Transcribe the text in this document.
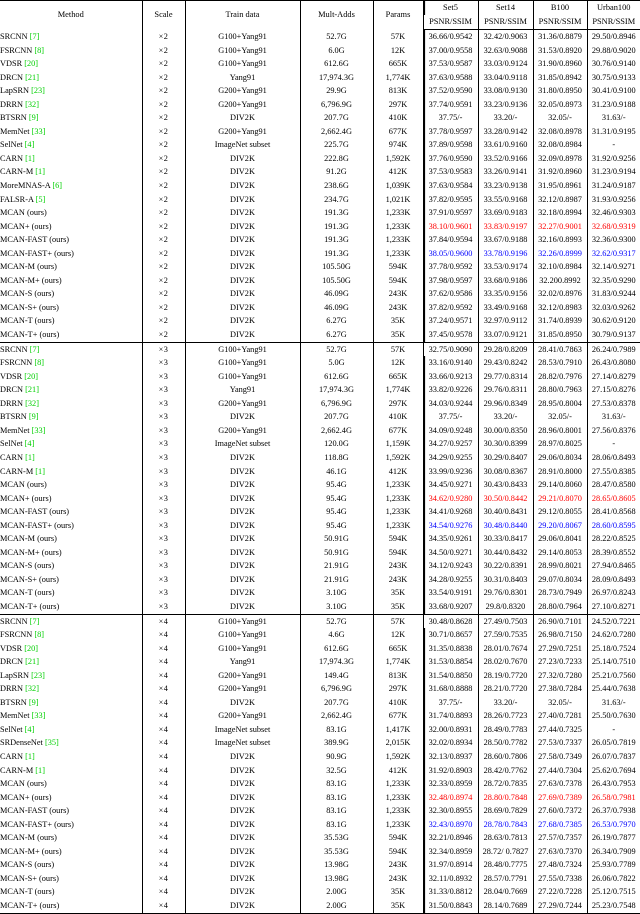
Method	Scale	Train data	Mult-Adds	Params	Set5	Set14	B100	Urban100
					PSNR/SSIM	PSNR/SSIM	PSNR/SSIM	PSNR/SSIM
SRCNN [7]	×2	G100+Yang91	52.7G	57K	36.66/0.9542	32.42/0.9063	31.36/0.8879	29.50/0.8946
FSRCNN [8]	×2	G100+Yang91	6.0G	12K	37.00/0.9558	32.63/0.9088	31.53/0.8920	29.88/0.9020
VDSR [20]	×2	G100+Yang91	612.6G	665K	37.53/0.9587	33.03/0.9124	31.90/0.8960	30.76/0.9140
DRCN [21]	×2	Yang91	17,974.3G	1,774K	37.63/0.9588	33.04/0.9118	31.85/0.8942	30.75/0.9133
LapSRN [23]	×2	G200+Yang91	29.9G	813K	37.52/0.9590	33.08/0.9130	31.80/0.8950	30.41/0.9100
DRRN [32]	×2	G200+Yang91	6,796.9G	297K	37.74/0.9591	33.23/0.9136	32.05/0.8973	31.23/0.9188
BTSRN [9]	×2	DIV2K	207.7G	410K	37.75/-	33.20/-	32.05/-	31.63/-
MemNet [33]	×2	G200+Yang91	2,662.4G	677K	37.78/0.9597	33.28/0.9142	32.08/0.8978	31.31/0.9195
SelNet [4]	×2	ImageNet subset	225.7G	974K	37.89/0.9598	33.61/0.9160	32.08/0.8984	-
CARN [1]	×2	DIV2K	222.8G	1,592K	37.76/0.9590	33.52/0.9166	32.09/0.8978	31.92/0.9256
CARN-M [1]	×2	DIV2K	91.2G	412K	37.53/0.9583	33.26/0.9141	31.92/0.8960	31.23/0.9194
MoreMNAS-A [6]	×2	DIV2K	238.6G	1,039K	37.63/0.9584	33.23/0.9138	31.95/0.8961	31.24/0.9187
FALSR-A [5]	×2	DIV2K	234.7G	1,021K	37.82/0.9595	33.55/0.9168	32.12/0.8987	31.93/0.9256
MCAN (ours)	×2	DIV2K	191.3G	1,233K	37.91/0.9597	33.69/0.9183	32.18/0.8994	32.46/0.9303
MCAN+ (ours)	×2	DIV2K	191.3G	1,233K	38.10/0.9601	33.83/0.9197	32.27/0.9001	32.68/0.9319
MCAN-FAST (ours)	×2	DIV2K	191.3G	1,233K	37.84/0.9594	33.67/0.9188	32.16/0.8993	32.36/0.9300
MCAN-FAST+ (ours)	×2	DIV2K	191.3G	1,233K	38.05/0.9600	33.78/0.9196	32.26/0.8999	32.62/0.9317
MCAN-M (ours)	×2	DIV2K	105.50G	594K	37.78/0.9592	33.53/0.9174	32.10/0.8984	32.14/0.9271
MCAN-M+ (ours)	×2	DIV2K	105.50G	594K	37.98/0.9597	33.68/0.9186	32.200.8992	32.35/0.9290
MCAN-S (ours)	×2	DIV2K	46.09G	243K	37.62/0.9586	33.35/0.9156	32.02/0.8976	31.83/0.9244
MCAN-S+ (ours)	×2	DIV2K	46.09G	243K	37.82/0.9592	33.49/0.9168	32.12/0.8983	32.03/0.9262
MCAN-T (ours)	×2	DIV2K	6.27G	35K	37.24/0.9571	32.97/0.9112	31.74/0.8939	30.62/0.9120
MCAN-T+ (ours)	×2	DIV2K	6.27G	35K	37.45/0.9578	33.07/0.9121	31.85/0.8950	30.79/0.9137
SRCNN [7]	×3	G100+Yang91	52.7G	57K	32.75/0.9090	29.28/0.8209	28.41/0.7863	26.24/0.7989
FSRCNN [8]	×3	G100+Yang91	5.0G	12K	33.16/0.9140	29.43/0.8242	28.53/0.7910	26.43/0.8080
VDSR [20]	×3	G100+Yang91	612.6G	665K	33.66/0.9213	29.77/0.8314	28.82/0.7976	27.14/0.8279
DRCN [21]	×3	Yang91	17,974.3G	1,774K	33.82/0.9226	29.76/0.8311	28.80/0.7963	27.15/0.8276
DRRN [32]	×3	G200+Yang91	6,796.9G	297K	34.03/0.9244	29.96/0.8349	28.95/0.8004	27.53/0.8378
BTSRN [9]	×3	DIV2K	207.7G	410K	37.75/-	33.20/-	32.05/-	31.63/-
MemNet [33]	×3	G200+Yang91	2,662.4G	677K	34.09/0.9248	30.00/0.8350	28.96/0.8001	27.56/0.8376
SelNet [4]	×3	ImageNet subset	120.0G	1,159K	34.27/0.9257	30.30/0.8399	28.97/0.8025	-
CARN [1]	×3	DIV2K	118.8G	1,592K	34.29/0.9255	30.29/0.8407	29.06/0.8034	28.06/0.8493
CARN-M [1]	×3	DIV2K	46.1G	412K	33.99/0.9236	30.08/0.8367	28.91/0.8000	27.55/0.8385
MCAN (ours)	×3	DIV2K	95.4G	1,233K	34.45/0.9271	30.43/0.8433	29.14/0.8060	28.47/0.8580
MCAN+ (ours)	×3	DIV2K	95.4G	1,233K	34.62/0.9280	30.50/0.8442	29.21/0.8070	28.65/0.8605
MCAN-FAST (ours)	×3	DIV2K	95.4G	1,233K	34.41/0.9268	30.40/0.8431	29.12/0.8055	28.41/0.8568
MCAN-FAST+ (ours)	×3	DIV2K	95.4G	1,233K	34.54/0.9276	30.48/0.8440	29.20/0.8067	28.60/0.8595
MCAN-M (ours)	×3	DIV2K	50.91G	594K	34.35/0.9261	30.33/0.8417	29.06/0.8041	28.22/0.8525
MCAN-M+ (ours)	×3	DIV2K	50.91G	594K	34.50/0.9271	30.44/0.8432	29.14/0.8053	28.39/0.8552
MCAN-S (ours)	×3	DIV2K	21.91G	243K	34.12/0.9243	30.22/0.8391	28.99/0.8021	27.94/0.8465
MCAN-S+ (ours)	×3	DIV2K	21.91G	243K	34.28/0.9255	30.31/0.8403	29.07/0.8034	28.09/0.8493
MCAN-T (ours)	×3	DIV2K	3.10G	35K	33.54/0.9191	29.76/0.8301	28.73/0.7949	26.97/0.8243
MCAN-T+ (ours)	×3	DIV2K	3.10G	35K	33.68/0.9207	29.8/0.8320	28.80/0.7964	27.10/0.8271
SRCNN [7]	×4	G100+Yang91	52.7G	57K	30.48/0.8628	27.49/0.7503	26.90/0.7101	24.52/0.7221
FSRCNN [8]	×4	G100+Yang91	4.6G	12K	30.71/0.8657	27.59/0.7535	26.98/0.7150	24.62/0.7280
VDSR [20]	×4	G100+Yang91	612.6G	665K	31.35/0.8838	28.01/0.7674	27.29/0.7251	25.18/0.7524
DRCN [21]	×4	Yang91	17,974.3G	1,774K	31.53/0.8854	28.02/0.7670	27.23/0.7233	25.14/0.7510
LapSRN [23]	×4	G200+Yang91	149.4G	813K	31.54/0.8850	28.19/0.7720	27.32/0.7280	25.21/0.7560
DRRN [32]	×4	G200+Yang91	6,796.9G	297K	31.68/0.8888	28.21/0.7720	27.38/0.7284	25.44/0.7638
BTSRN [9]	×4	DIV2K	207.7G	410K	37.75/-	33.20/-	32.05/-	31.63/-
MemNet [33]	×4	G200+Yang91	2,662.4G	677K	31.74/0.8893	28.26/0.7723	27.40/0.7281	25.50/0.7630
SelNet [4]	×4	ImageNet subset	83.1G	1,417K	32.00/0.8931	28.49/0.7783	27.44/0.7325	-
SRDenseNet [35]	×4	ImageNet subset	389.9G	2,015K	32.02/0.8934	28.50/0.7782	27.53/0.7337	26.05/0.7819
CARN [1]	×4	DIV2K	90.9G	1,592K	32.13/0.8937	28.60/0.7806	27.58/0.7349	26.07/0.7837
CARN-M [1]	×4	DIV2K	32.5G	412K	31.92/0.8903	28.42/0.7762	27.44/0.7304	25.62/0.7694
MCAN (ours)	×4	DIV2K	83.1G	1,233K	32.33/0.8959	28.72/0.7835	27.63/0.7378	26.43/0.7953
MCAN+ (ours)	×4	DIV2K	83.1G	1,233K	32.48/0.8974	28.80/0.7848	27.69/0.7389	26.58/0.7981
MCAN-FAST (ours)	×4	DIV2K	83.1G	1,233K	32.30/0.8955	28.69/0.7829	27.60/0.7372	26.37/0.7938
MCAN-FAST+ (ours)	×4	DIV2K	83.1G	1,233K	32.43/0.8970	28.78/0.7843	27.68/0.7385	26.53/0.7970
MCAN-M (ours)	×4	DIV2K	35.53G	594K	32.21/0.8946	28.63/0.7813	27.57/0.7357	26.19/0.7877
MCAN-M+ (ours)	×4	DIV2K	35.53G	594K	32.34/0.8959	28.72/ 0.7827	27.63/0.7370	26.34/0.7909
MCAN-S (ours)	×4	DIV2K	13.98G	243K	31.97/0.8914	28.48/0.7775	27.48/0.7324	25.93/0.7789
MCAN-S+ (ours)	×4	DIV2K	13.98G	243K	32.11/0.8932	28.57/0.7791	27.55/0.7338	26.06/0.7822
MCAN-T (ours)	×4	DIV2K	2.00G	35K	31.33/0.8812	28.04/0.7669	27.22/0.7228	25.12/0.7515
MCAN-T+ (ours)	×4	DIV2K	2.00G	35K	31.50/0.8843	28.14/0.7689	27.29/0.7244	25.23/0.7548
